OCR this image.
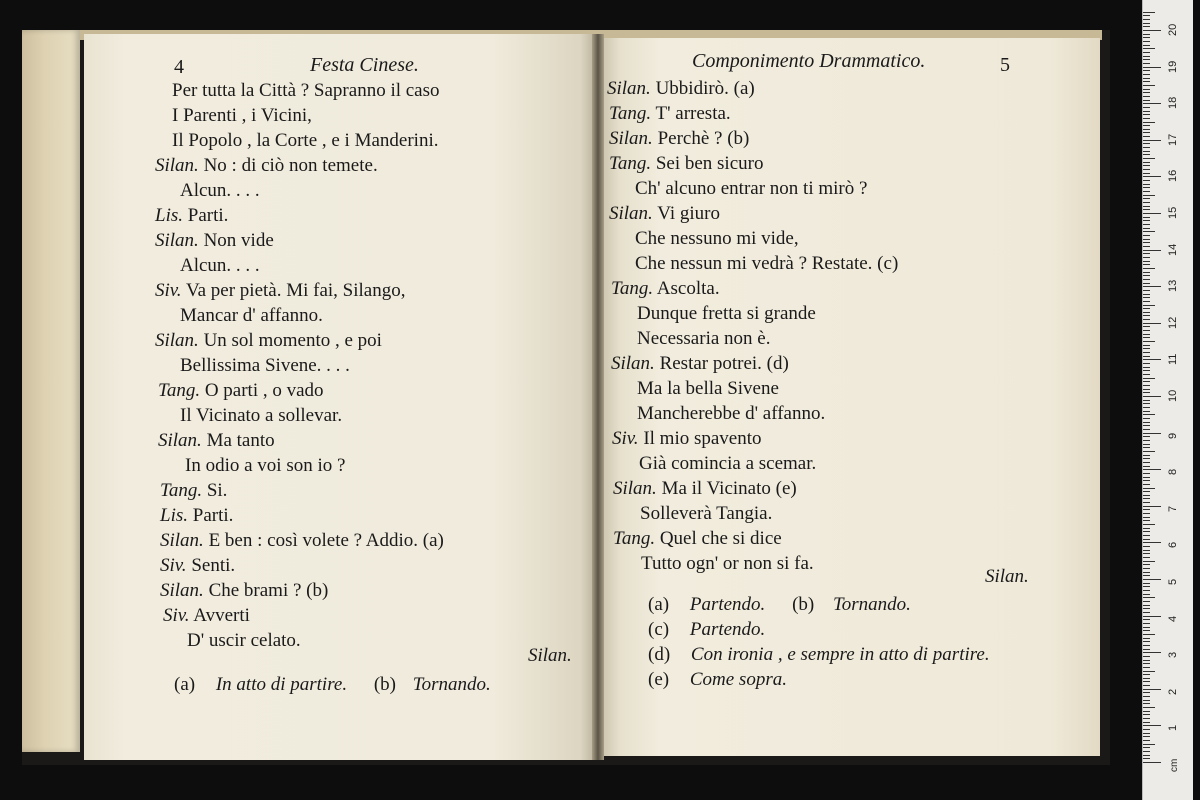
4	Festa Cinese.
Per tutta la Città ? Sapranno il caso
I Parenti , i Vicini,
Il Popolo , la Corte , e i Manderini.
Silan. No : di ciò non temete.
Alcun. . . .
Lis. Parti.
Silan. Non vide
Alcun. . . .
Siv. Va per pietà. Mi fai, Silango,
Mancar d' affanno.
Silan. Un sol momento , e poi
Bellissima Sivene. . . .
Tang. O parti , o vado
Il Vicinato a sollevar.
Silan. Ma tanto
In odio a voi son io ?
Tang. Si.
Lis. Parti.
Silan. E ben : così volete ? Addio. (a)
Siv. Senti.
Silan. Che brami ? (b)
Siv. Avverti
D' uscir celato.
Silan.
(a) In atto di partire. (b) Tornando.
Componimento Drammatico.	5
Silan. Ubbidirò. (a)
Tang. T' arresta.
Silan. Perchè ? (b)
Tang. Sei ben sicuro
Ch' alcuno entrar non ti mirò ?
Silan. Vi giuro
Che nessuno mi vide,
Che nessun mi vedrà ? Restate. (c)
Tang. Ascolta.
Dunque fretta si grande
Necessaria non è.
Silan. Restar potrei. (d)
Ma la bella Sivene
Mancherebbe d' affanno.
Siv. Il mio spavento
Già comincia a scemar.
Silan. Ma il Vicinato (e)
Solleverà Tangia.
Tang. Quel che si dice
Tutto ogn' or non si fa.
Silan.
(a) Partendo. (b) Tornando.
(c) Partendo.
(d) Con ironia , e sempre in atto di partire.
(e) Come sopra.
1
2
3
4
5
6
7
8
9
10
11
12
13
14
15
16
17
18
19
20
cm
